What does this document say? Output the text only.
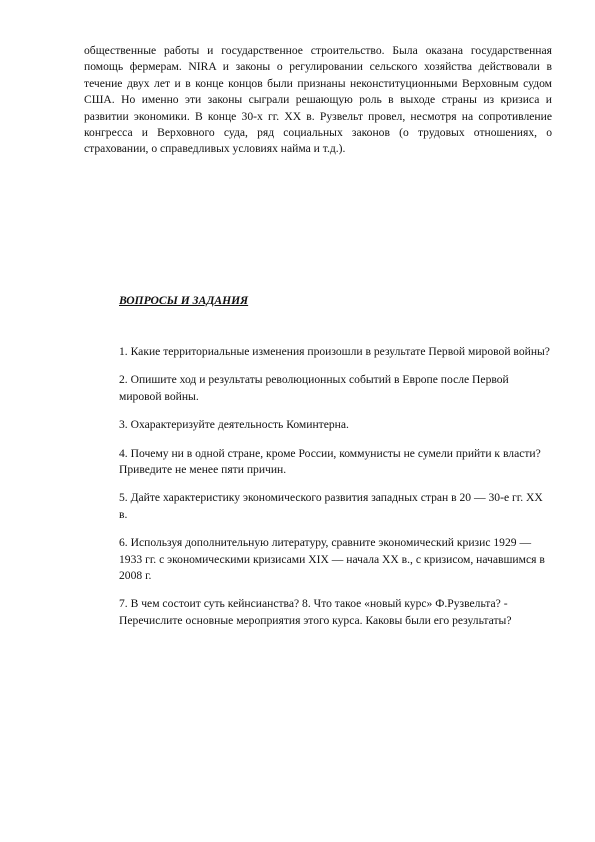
общественные работы и государственное строительство. Была оказана государственная помощь фермерам. NIRA и законы о регулировании сельского хозяйства действовали в течение двух лет и в конце концов были признаны неконституционными Верховным судом США. Но именно эти законы сыграли решающую роль в выходе страны из кризиса и развитии экономики. В конце 30-х гг. XX в. Рузвельт провел, несмотря на сопротивление конгресса и Верховного суда, ряд социальных законов (о трудовых отношениях, о страховании, о справедливых условиях найма и т.д.).

ВОПРОСЫ И ЗАДАНИЯ

1. Какие территориальные изменения произошли в результате Первой мировой войны?
2. Опишите ход и результаты революционных событий в Европе после Первой мировой войны.
3. Охарактеризуйте деятельность Коминтерна.
4. Почему ни в одной стране, кроме России, коммунисты не сумели прийти к власти? Приведите не менее пяти причин.
5. Дайте характеристику экономического развития западных стран в 20 — 30-е гг. XX в.
6. Используя дополнительную литературу, сравните экономический кризис 1929 —1933 гг. с экономическими кризисами XIX — начала XX в., с кризисом, начавшимся в 2008 г.
7. В чем состоит суть кейнсианства? 8. Что такое «новый курс» Ф.Рузвельта? - Перечислите основные мероприятия этого курса. Каковы были его результаты?
